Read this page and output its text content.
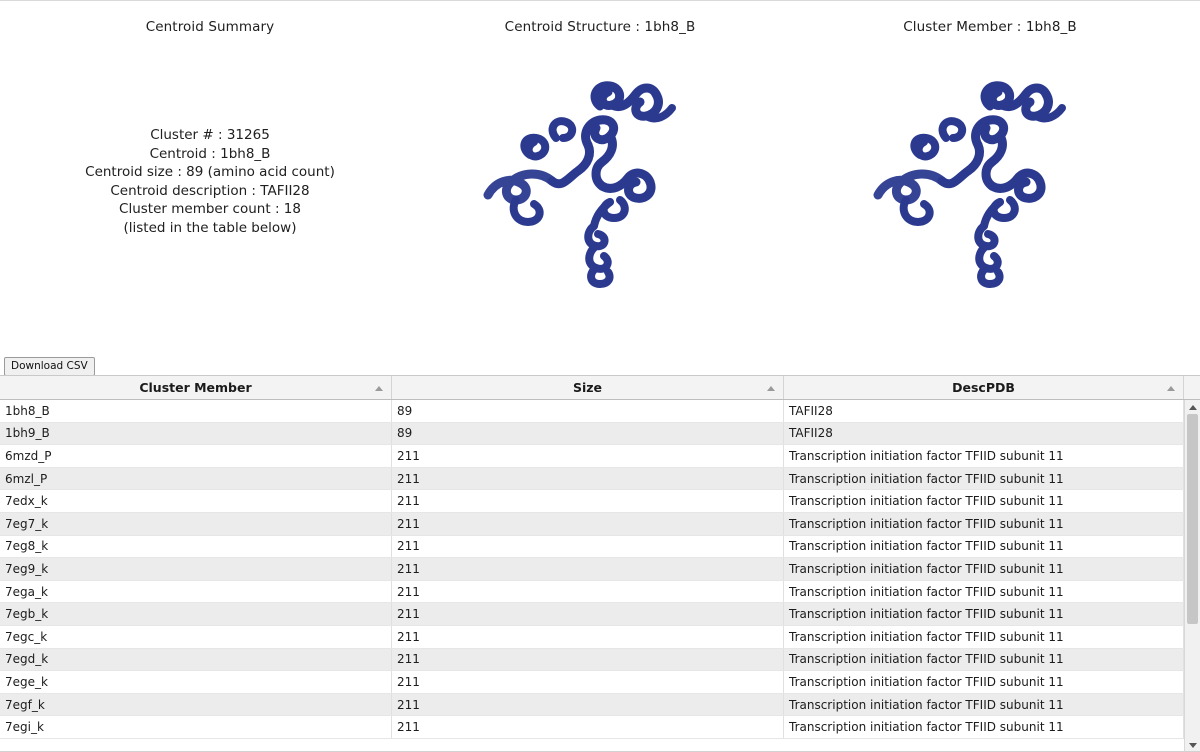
Centroid Summary
Cluster # : 31265
Centroid : 1bh8_B
Centroid size : 89 (amino acid count)
Centroid description : TAFII28
Cluster member count : 18
(listed in the table below)
Centroid Structure : 1bh8_B	Cluster Member : 1bh8_B
Download CSV
Cluster Member	Size	DescPDB
1bh8_B	89	TAFII28
1bh9_B	89	TAFII28
6mzd_P	211	Transcription initiation factor TFIID subunit 11
6mzl_P	211	Transcription initiation factor TFIID subunit 11
7edx_k	211	Transcription initiation factor TFIID subunit 11
7eg7_k	211	Transcription initiation factor TFIID subunit 11
7eg8_k	211	Transcription initiation factor TFIID subunit 11
7eg9_k	211	Transcription initiation factor TFIID subunit 11
7ega_k	211	Transcription initiation factor TFIID subunit 11
7egb_k	211	Transcription initiation factor TFIID subunit 11
7egc_k	211	Transcription initiation factor TFIID subunit 11
7egd_k	211	Transcription initiation factor TFIID subunit 11
7ege_k	211	Transcription initiation factor TFIID subunit 11
7egf_k	211	Transcription initiation factor TFIID subunit 11
7egi_k	211	Transcription initiation factor TFIID subunit 11
